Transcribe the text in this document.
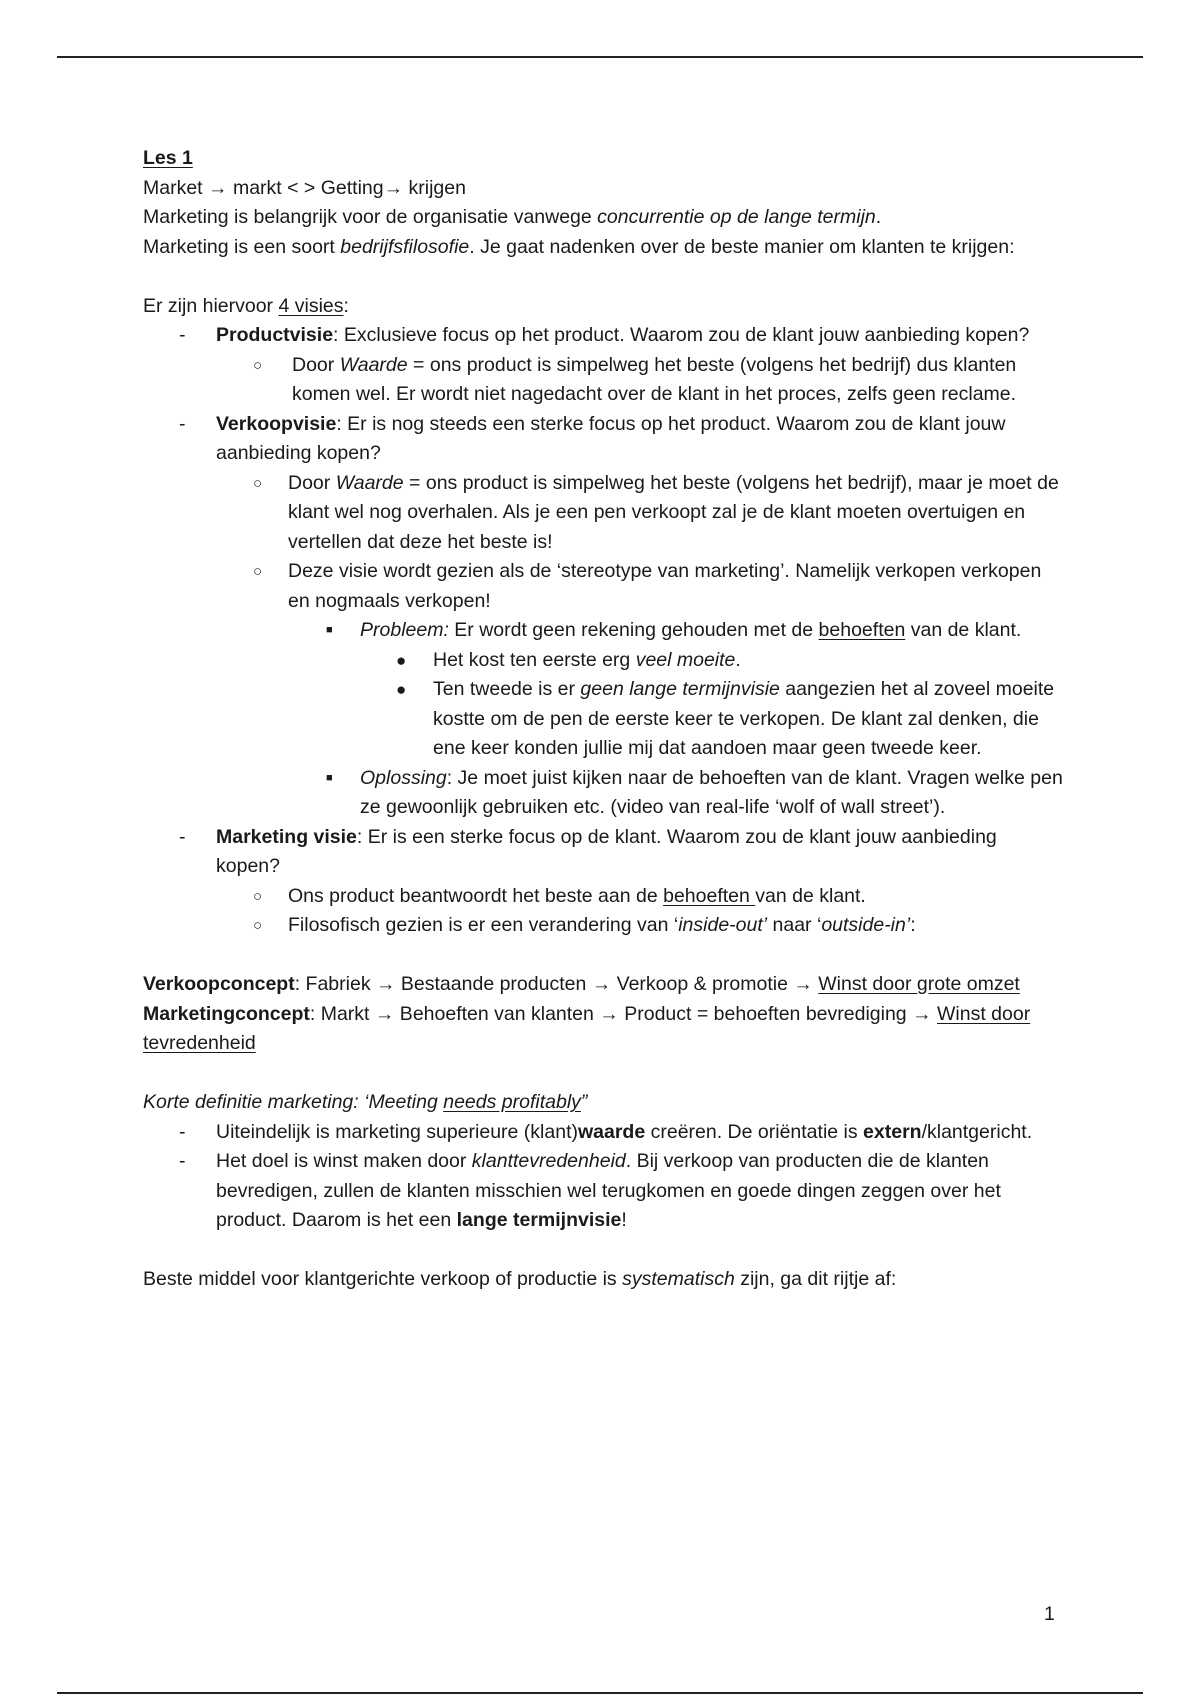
Les 1

Market → markt < > Getting→ krijgen

Marketing is belangrijk voor de organisatie vanwege concurrentie op de lange termijn.

Marketing is een soort bedrijfsfilosofie. Je gaat nadenken over de beste manier om klanten te krijgen:

Er zijn hiervoor 4 visies:

- Productvisie: Exclusieve focus op het product. Waarom zou de klant jouw aanbieding kopen?
○ Door Waarde = ons product is simpelweg het beste (volgens het bedrijf) dus klanten komen wel. Er wordt niet nagedacht over de klant in het proces, zelfs geen reclame.
- Verkoopvisie: Er is nog steeds een sterke focus op het product. Waarom zou de klant jouw aanbieding kopen?
○ Door Waarde = ons product is simpelweg het beste (volgens het bedrijf), maar je moet de klant wel nog overhalen. Als je een pen verkoopt zal je de klant moeten overtuigen en vertellen dat deze het beste is!
○ Deze visie wordt gezien als de ‘stereotype van marketing’. Namelijk verkopen verkopen en nogmaals verkopen!
■ Probleem: Er wordt geen rekening gehouden met de behoeften van de klant.
● Het kost ten eerste erg veel moeite.
● Ten tweede is er geen lange termijnvisie aangezien het al zoveel moeite kostte om de pen de eerste keer te verkopen. De klant zal denken, die ene keer konden jullie mij dat aandoen maar geen tweede keer.
■ Oplossing: Je moet juist kijken naar de behoeften van de klant. Vragen welke pen ze gewoonlijk gebruiken etc. (video van real-life ‘wolf of wall street’).
- Marketing visie: Er is een sterke focus op de klant. Waarom zou de klant jouw aanbieding kopen?
○ Ons product beantwoordt het beste aan de behoeften van de klant.
○ Filosofisch gezien is er een verandering van ‘inside-out’ naar ‘outside-in’:

Verkoopconcept: Fabriek → Bestaande producten → Verkoop & promotie → Winst door grote omzet

Marketingconcept: Markt → Behoeften van klanten → Product = behoeften bevrediging → Winst door tevredenheid

Korte definitie marketing: ‘Meeting needs profitably”

- Uiteindelijk is marketing superieure (klant)waarde creëren. De oriëntatie is extern/klantgericht.
- Het doel is winst maken door klanttevredenheid. Bij verkoop van producten die de klanten bevredigen, zullen de klanten misschien wel terugkomen en goede dingen zeggen over het product. Daarom is het een lange termijnvisie!

Beste middel voor klantgerichte verkoop of productie is systematisch zijn, ga dit rijtje af:

1
